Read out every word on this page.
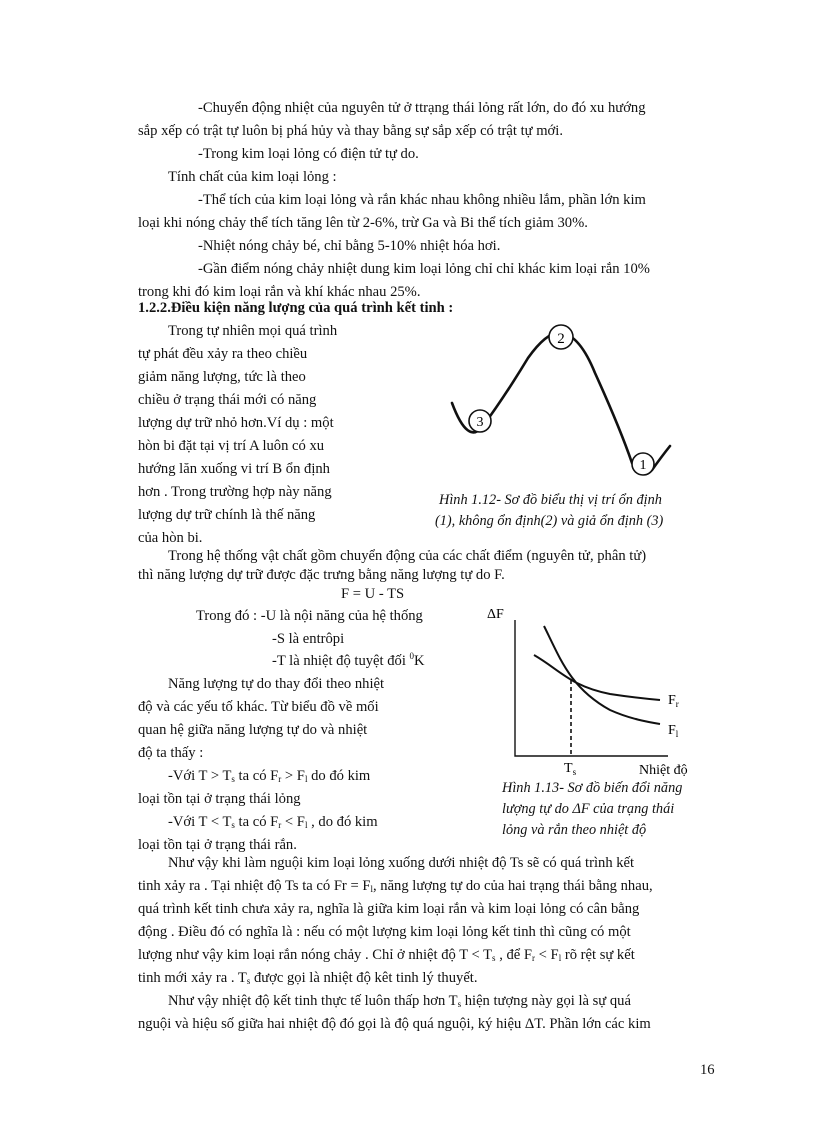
-Chuyển động nhiệt của nguyên tử ở ttrạng thái lỏng rất lớn, do đó xu hướng
sắp xếp có trật tự luôn bị phá hủy và thay bằng sự sắp xếp có trật tự mới.
-Trong kim loại lỏng có điện tử tự do.
Tính chất của kim loại lỏng :
-Thể tích của kim loại lỏng và rắn khác nhau không nhiều lắm, phần lớn kim
loại khi nóng chảy thể tích tăng lên từ 2-6%, trừ Ga và Bi thể tích giảm 30%.
-Nhiệt nóng chảy bé, chỉ bằng 5-10% nhiệt hóa hơi.
-Gần điểm nóng chảy nhiệt dung kim loại lỏng chỉ chỉ khác kim loại rắn 10%
trong khi đó kim loại rắn và khí khác nhau 25%.
1.2.2.Điều kiện năng lượng của quá trình kết tinh :
Trong tự nhiên mọi quá trình
tự phát đều xảy ra theo chiều
giảm năng lượng, tức là theo
chiều ở trạng thái mới có năng
lượng dự trữ nhỏ hơn.Ví dụ : một
hòn bi đặt tại vị trí A luôn có xu
hướng lăn xuống vi trí B ổn định
hơn . Trong trường hợp này năng
lượng dự trữ chính là thế năng
của hòn bi.
2
3
1
Hình 1.12- Sơ đồ biểu thị vị trí ổn định
(1), không ổn định(2) và giả ổn định (3)
Trong hệ thống vật chất gồm chuyển động của các chất điểm (nguyên tử, phân tử)
thì năng lượng dự trữ được đặc trưng bằng năng lượng tự do F.
F = U - TS
Trong đó : -U là nội năng của hệ thống
-S là entrôpi
-T là nhiệt độ tuyệt đối $^0$K
Năng lượng tự do thay đổi theo nhiệt
độ và các yếu tố khác. Từ biểu đồ về mối
quan hệ giữa năng lượng tự do và nhiệt
độ ta thấy :
-Với $T > T_s$ ta có $F_r > F_l$ do đó kim
loại tồn tại ở trạng thái lỏng
-Với $T < T_s$ ta có $F_r < F_l$ , do đó kim
loại tồn tại ở trạng thái rắn.
ΔF
$F_r$
$F_l$
$T_s$	Nhiệt độ
Hình 1.13- Sơ đồ biến đổi năng
lượng tự do ΔF của trạng thái
lỏng và rắn theo nhiệt độ
Như vậy khi làm nguội kim loại lỏng xuống dưới nhiệt độ Ts sẽ có quá trình kết
tinh xảy ra . Tại nhiệt độ Ts ta có $Fr = F_l$, năng lượng tự do của hai trạng thái bằng nhau,
quá trình kết tinh chưa xảy ra, nghĩa là giữa kim loại rắn và kim loại lỏng có cân bằng
động . Điều đó có nghĩa là : nếu có một lượng kim loại lỏng kết tinh thì cũng có một
lượng như vậy kim loại rắn nóng chảy . Chỉ ở nhiệt độ $T < T_s$ , để $F_r < F_l$ rõ rệt sự kết
tinh mới xảy ra . $T_s$ được gọi là nhiệt độ kêt tinh lý thuyết.
Như vậy nhiệt độ kết tinh thực tế luôn thấp hơn $T_s$ hiện tượng này gọi là sự quá
nguội và hiệu số giữa hai nhiệt độ đó gọi là độ quá nguội, ký hiệu ΔT. Phần lớn các kim
16
